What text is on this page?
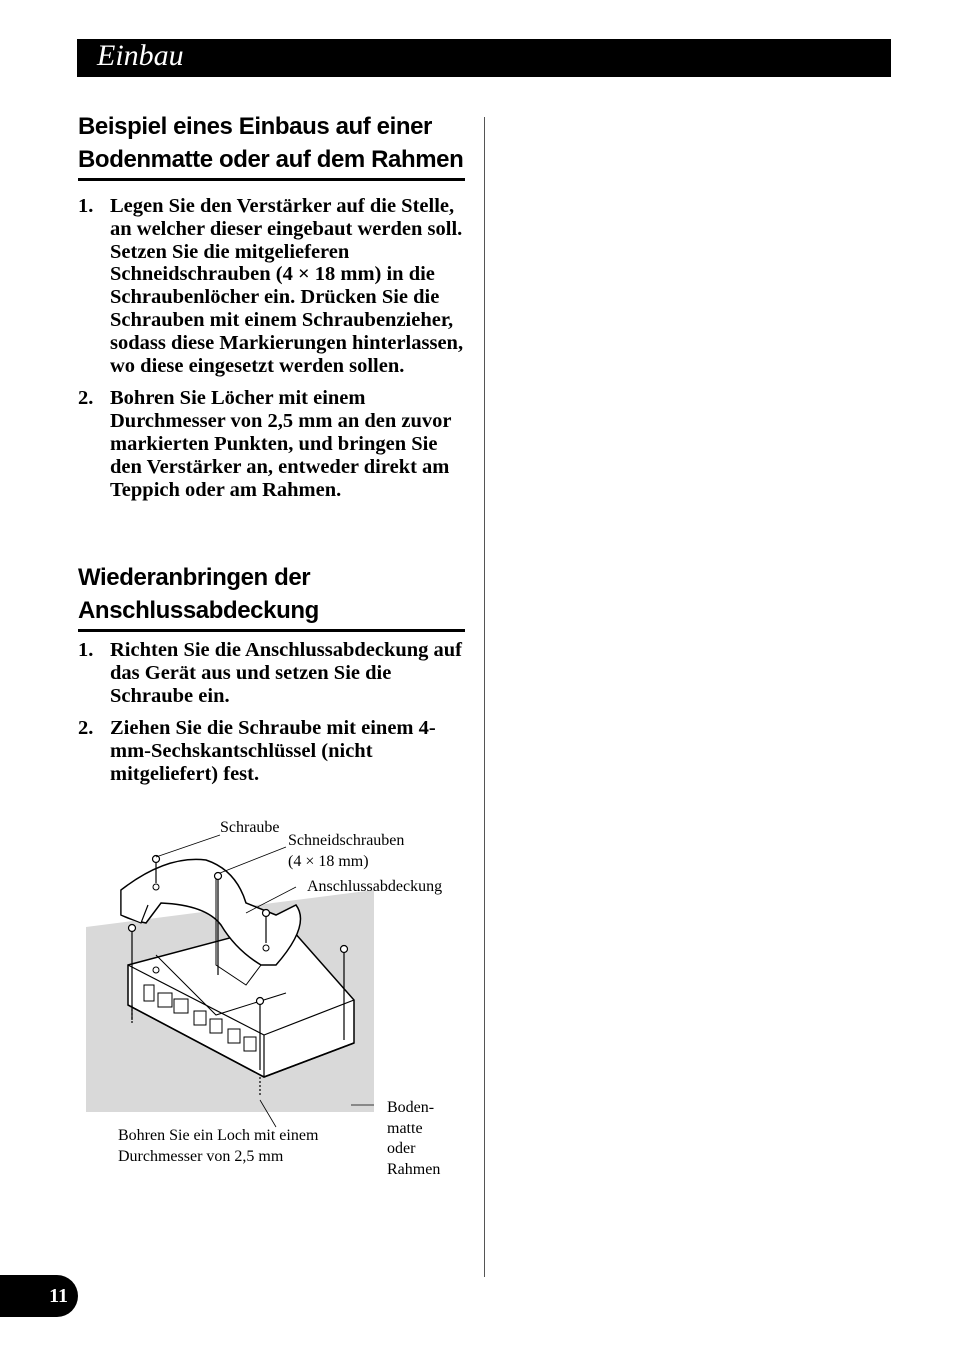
Einbau
Beispiel eines Einbaus auf einer
Bodenmatte oder auf dem Rahmen
1. Legen Sie den Verstärker auf die Stelle, an welcher dieser eingebaut werden soll. Setzen Sie die mitgelieferen Schneidschrauben (4 × 18 mm) in die Schraubenlöcher ein. Drücken Sie die Schrauben mit einem Schraubenzieher, sodass diese Markierungen hinterlassen, wo diese eingesetzt werden sollen.
2. Bohren Sie Löcher mit einem Durchmesser von 2,5 mm an den zuvor markierten Punkten, und bringen Sie den Verstärker an, entweder direkt am Teppich oder am Rahmen.
Wiederanbringen der
Anschlussabdeckung
1. Richten Sie die Anschlussabdeckung auf das Gerät aus und setzen Sie die Schraube ein.
2. Ziehen Sie die Schraube mit einem 4-mm-Sechskantschlüssel (nicht mitgeliefert) fest.
Schraube
Schneidschrauben
(4 × 18 mm)
Anschlussabdeckung
Bohren Sie ein Loch mit einem
Durchmesser von 2,5 mm
Boden-
matte
oder
Rahmen
11
